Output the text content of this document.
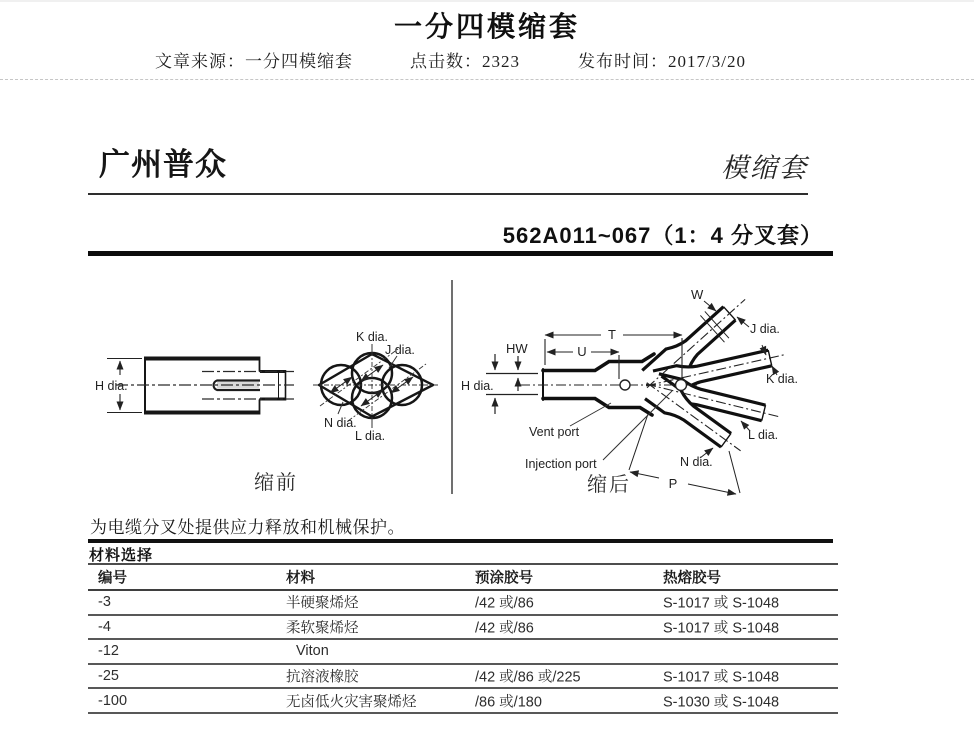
一分四模缩套
文章来源：一分四模缩套	点击数：2323	发布时间：2017/3/20
广州普众	模缩套
562A011~067（1：4 分叉套）
H dia.
K dia.
J dia.
N dia.
L dia.
缩前
T
U
HW
H dia.
W
J dia.
K dia.
L dia.
N dia.
P
Vent port
Injection port
缩后
为电缆分叉处提供应力释放和机械保护。
材料选择
编号	材料	预涂胶号	热熔胶号
-3	半硬聚烯烃	/42 或/86	S-1017 或 S-1048
-4	柔软聚烯烃	/42 或/86	S-1017 或 S-1048
-12	Viton
-25	抗溶液橡胶	/42 或/86 或/225	S-1017 或 S-1048
-100	无卤低火灾害聚烯烃	/86 或/180	S-1030 或 S-1048
